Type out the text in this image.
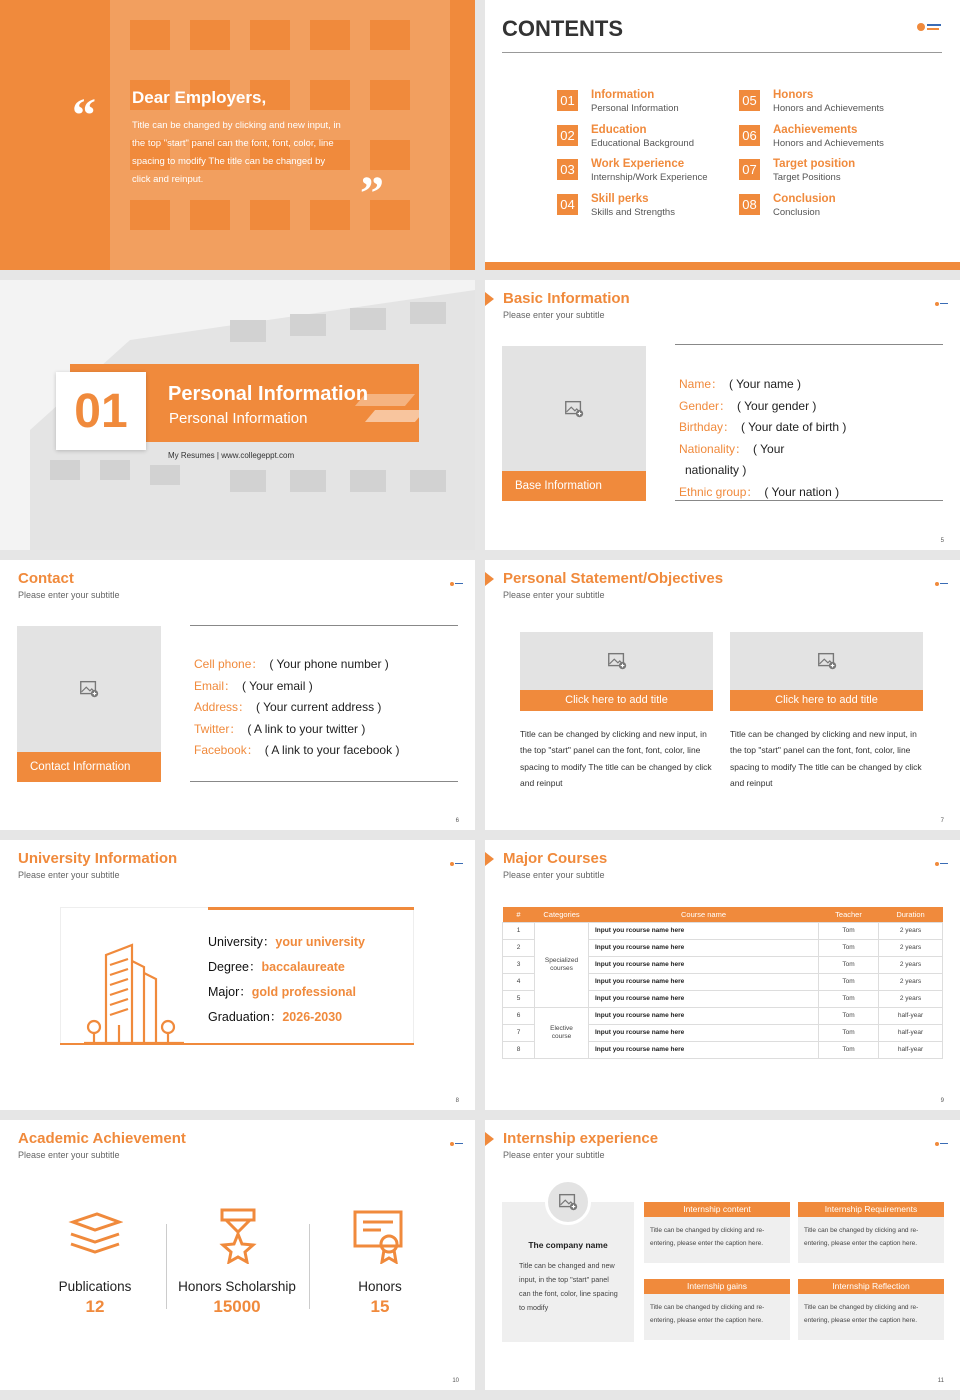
“
”
Dear Employers,
Title can be changed by clicking and new input, in the top "start" panel can the font, font, color, line spacing to modify The title can be changed by click and reinput.
CONTENTS
01 Information
Personal Information
02 Education
Educational Background
03 Work Experience
Internship/Work Experience
04 Skill perks
Skills and Strengths
05 Honors
Honors and Achievements
06 Aachievements
Honors and Achievements
07 Target position
Target Positions
08 Conclusion
Conclusion
01 Personal Information
Personal Information
My Resumes | www.collegeppt.com
Basic Information
Please enter your subtitle
Base Information
Name： ( Your name )
Gender： ( Your gender )
Birthday： ( Your date of birth )
Nationality： ( Your
nationality )
Ethnic group： ( Your nation )
5
Contact
Please enter your subtitle
Contact Information
Cell phone： ( Your phone number )
Email： ( Your email )
Address： ( Your current address )
Twitter： ( A link to your twitter )
Facebook： ( A link to your facebook )
6
Personal Statement/Objectives
Please enter your subtitle
Click here to add title
Title can be changed by clicking and new input, in the top "start" panel can the font, font, color, line spacing to modify The title can be changed by click and reinput
Click here to add title
Title can be changed by clicking and new input, in the top "start" panel can the font, font, color, line spacing to modify The title can be changed by click and reinput
7
University Information
Please enter your subtitle
University：your university
Degree：baccalaureate
Major：gold professional
Graduation：2026-2030
8
Major Courses
Please enter your subtitle
#	Categories	Course name	Teacher	Duration
1	Specialized courses	Input you rcourse name here	Tom	2 years
2		Input you rcourse name here	Tom	2 years
3		Input you rcourse name here	Tom	2 years
4		Input you rcourse name here	Tom	2 years
5		Input you rcourse name here	Tom	2 years
6	Elective course	Input you rcourse name here	Tom	half-year
7		Input you rcourse name here	Tom	half-year
8		Input you rcourse name here	Tom	half-year
9
Academic Achievement
Please enter your subtitle
Publications
12
Honors Scholarship
15000
Honors
15
10
Internship experience
Please enter your subtitle
The company name
Title can be changed and new input, in the top "start" panel can the font, color, line spacing to modify
Internship content
Title can be changed by clicking and re-entering, please enter the caption here.
Internship Requirements
Title can be changed by clicking and re-entering, please enter the caption here.
Internship gains
Title can be changed by clicking and re-entering, please enter the caption here.
Internship Reflection
Title can be changed by clicking and re-entering, please enter the caption here.
11
